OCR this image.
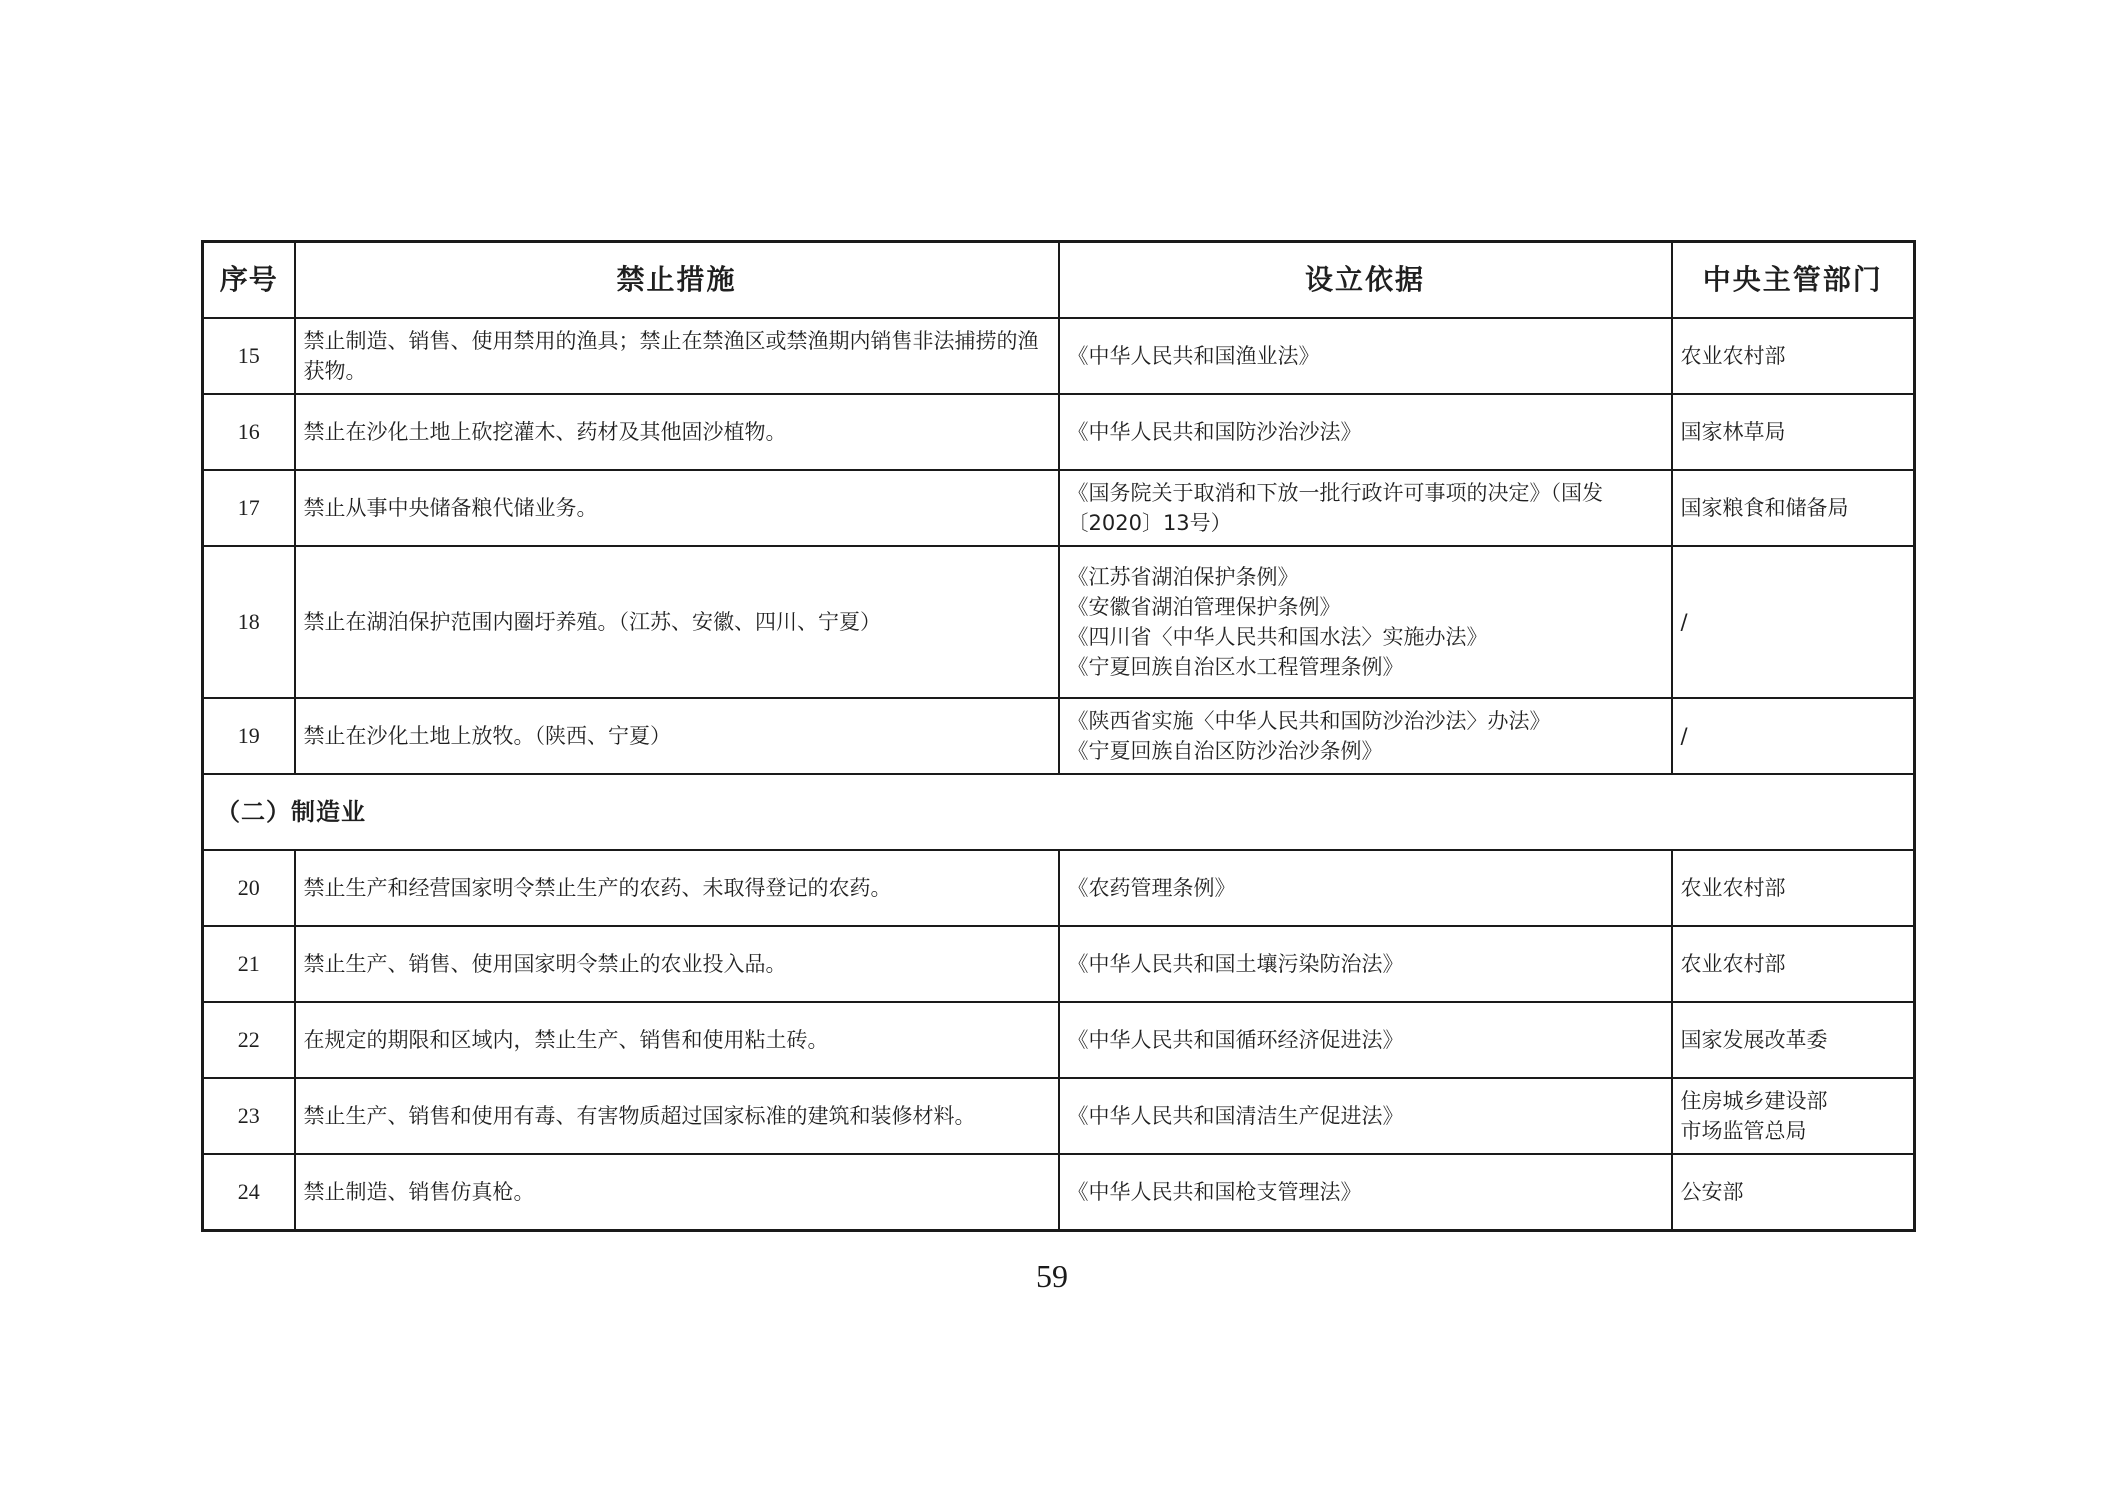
序号	禁止措施	设立依据	中央主管部门
15	禁止制造、销售、使用禁用的渔具；禁止在禁渔区或禁渔期内销售非法捕捞的渔获物。	《中华人民共和国渔业法》	农业农村部

16	禁止在沙化土地上砍挖灌木、药材及其他固沙植物。	《中华人民共和国防沙治沙法》	国家林草局

17	禁止从事中央储备粮代储业务。	《国务院关于取消和下放一批行政许可事项的决定》（国发〔2020〕13号）	国家粮食和储备局

18	禁止在湖泊保护范围内圈圩养殖。（江苏、安徽、四川、宁夏）	《江苏省湖泊保护条例》
《安徽省湖泊管理保护条例》
《四川省〈中华人民共和国水法〉实施办法》
《宁夏回族自治区水工程管理条例》	/

19	禁止在沙化土地上放牧。（陕西、宁夏）	《陕西省实施〈中华人民共和国防沙治沙法〉办法》
《宁夏回族自治区防沙治沙条例》	/

（二）制造业			
20	禁止生产和经营国家明令禁止生产的农药、未取得登记的农药。	《农药管理条例》	农业农村部

21	禁止生产、销售、使用国家明令禁止的农业投入品。	《中华人民共和国土壤污染防治法》	农业农村部

22	在规定的期限和区域内，禁止生产、销售和使用粘土砖。	《中华人民共和国循环经济促进法》	国家发展改革委

23	禁止生产、销售和使用有毒、有害物质超过国家标准的建筑和装修材料。	《中华人民共和国清洁生产促进法》	住房城乡建设部
市场监管总局

24	禁止制造、销售仿真枪。	《中华人民共和国枪支管理法》	公安部
59
